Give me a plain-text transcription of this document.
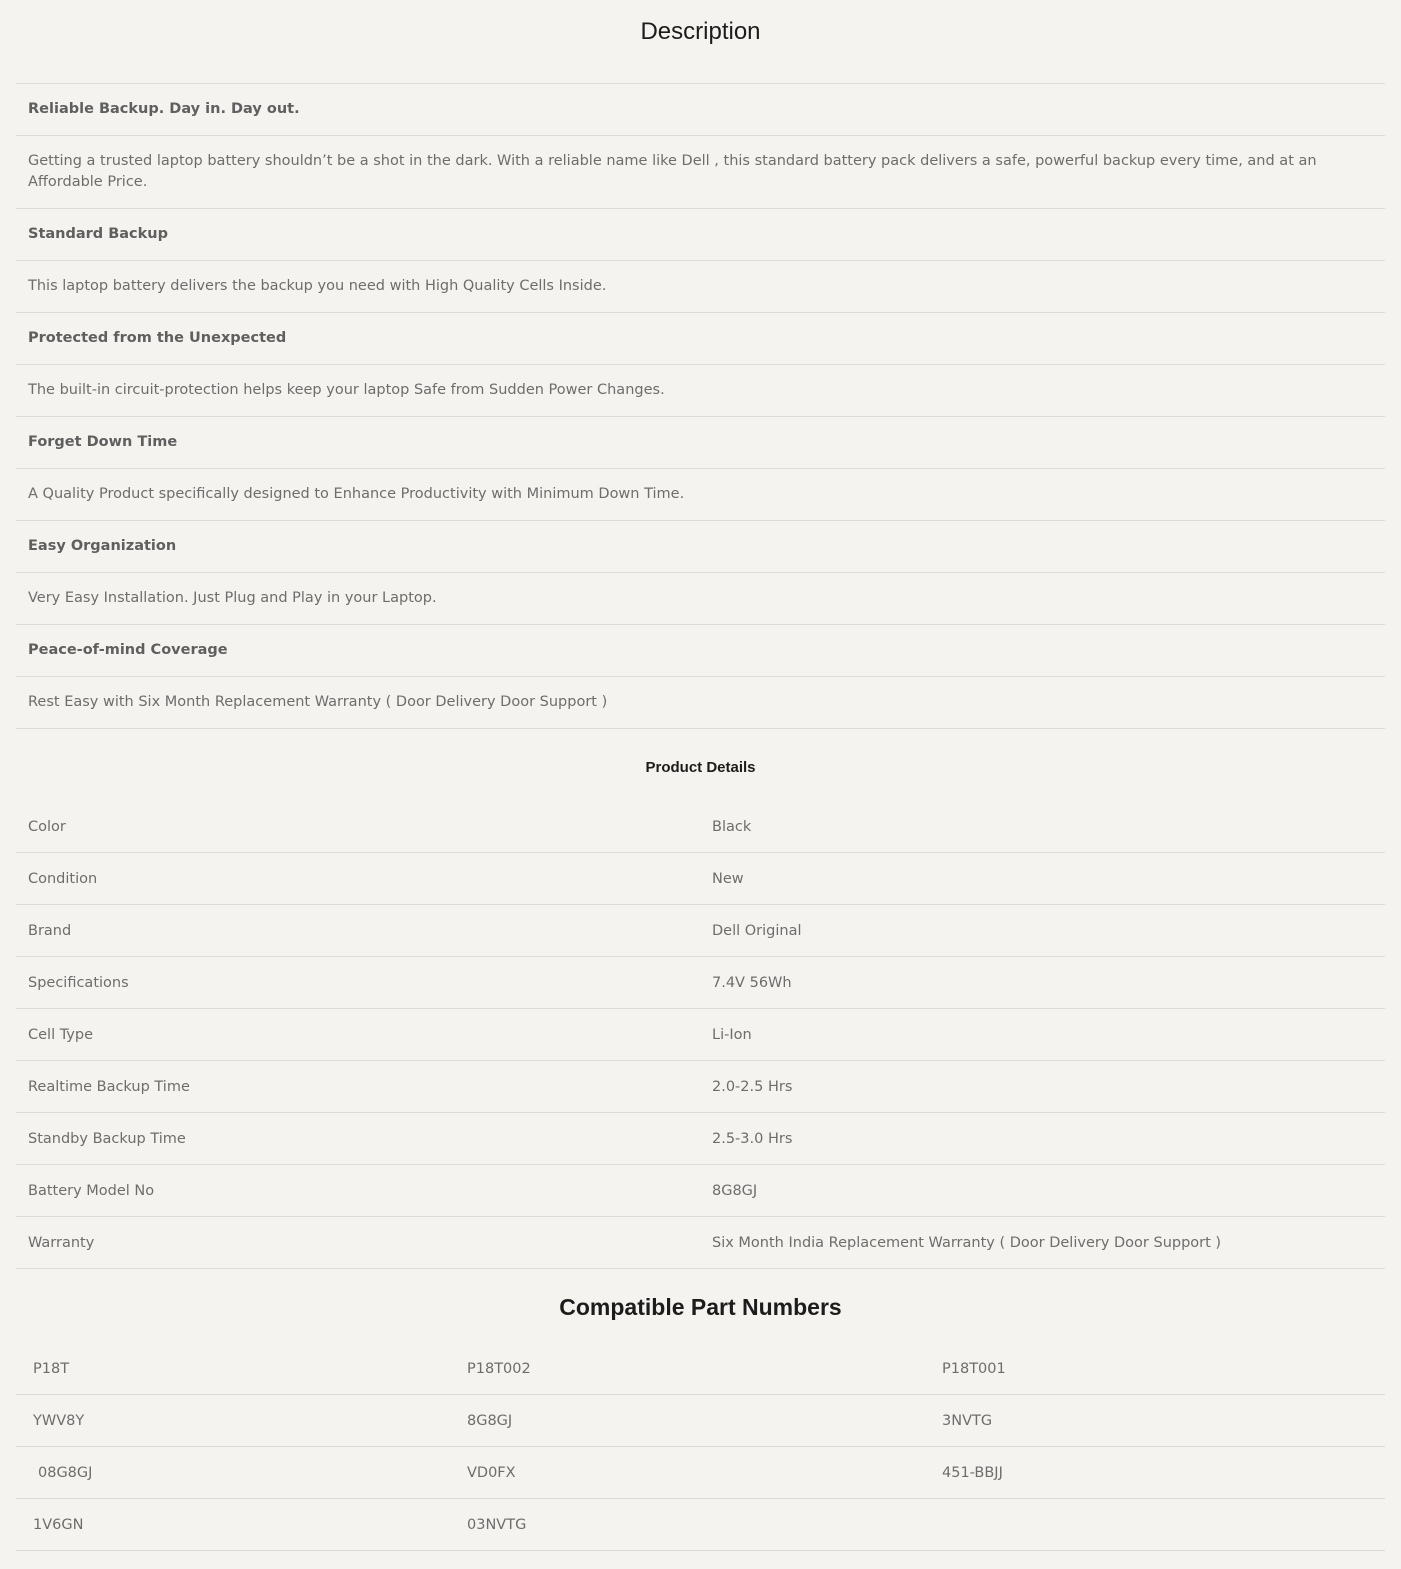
Description
Reliable Backup. Day in. Day out.
Getting a trusted laptop battery shouldn’t be a shot in the dark. With a reliable name like Dell , this standard battery pack delivers a safe, powerful backup every time, and at an Affordable Price.
Standard Backup
This laptop battery delivers the backup you need with High Quality Cells Inside.
Protected from the Unexpected
The built-in circuit-protection helps keep your laptop Safe from Sudden Power Changes.
Forget Down Time
A Quality Product specifically designed to Enhance Productivity with Minimum Down Time.
Easy Organization
Very Easy Installation. Just Plug and Play in your Laptop.
Peace-of-mind Coverage
Rest Easy with Six Month Replacement Warranty ( Door Delivery Door Support )
Product Details
Color	Black
Condition	New
Brand	Dell Original
Specifications	7.4V 56Wh
Cell Type	Li-Ion
Realtime Backup Time	2.0-2.5 Hrs
Standby Backup Time	2.5-3.0 Hrs
Battery Model No	8G8GJ
Warranty	Six Month India Replacement Warranty ( Door Delivery Door Support )
Compatible Part Numbers
P18T	P18T002	P18T001
YWV8Y	8G8GJ	3NVTG
08G8GJ	VD0FX	451-BBJJ
1V6GN	03NVTG
